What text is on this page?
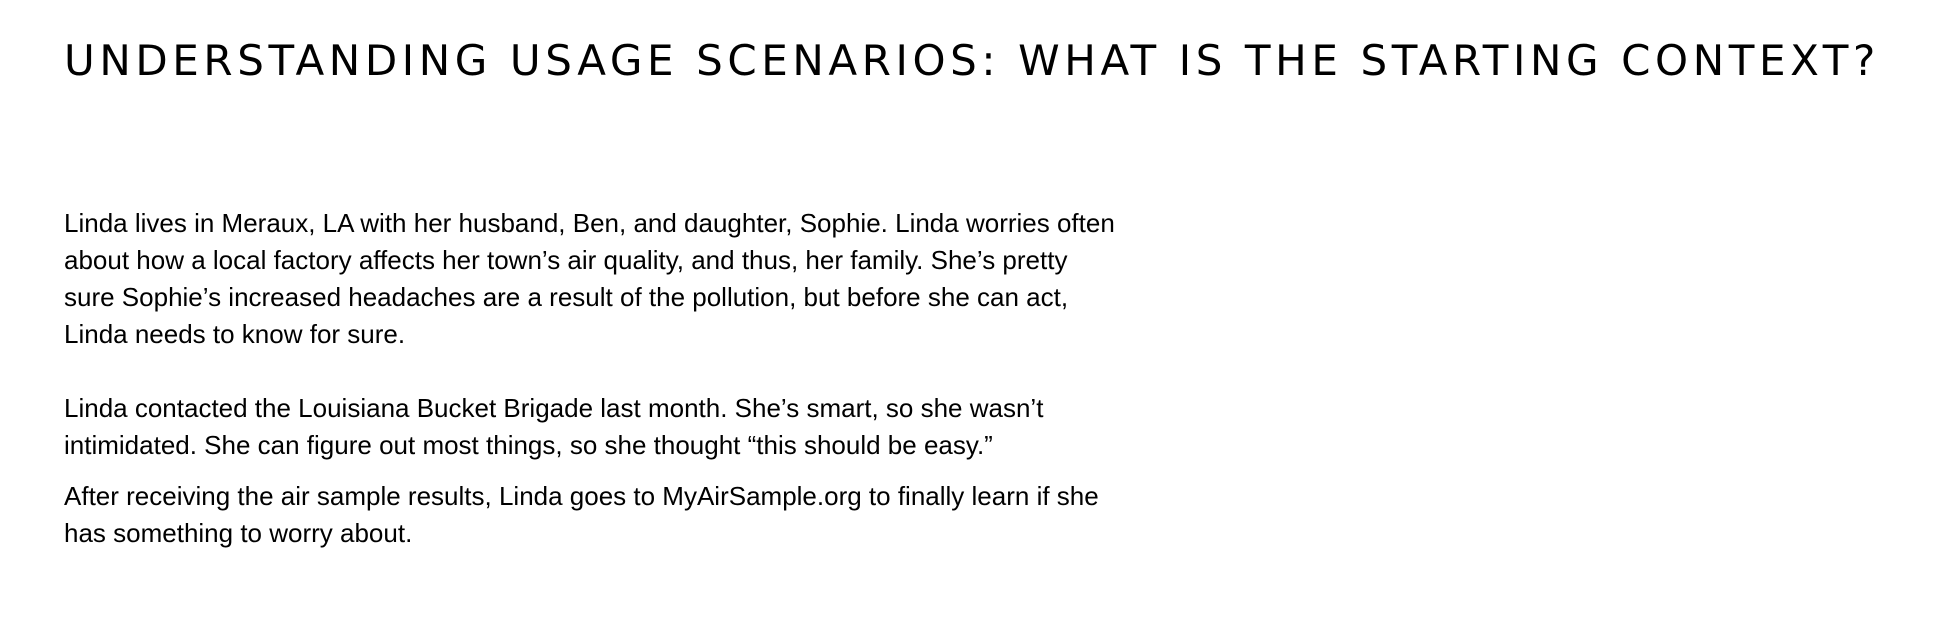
UNDERSTANDING USAGE SCENARIOS: WHAT IS THE STARTING CONTEXT?

Linda lives in Meraux, LA with her husband, Ben, and daughter, Sophie. Linda worries often
about how a local factory affects her town’s air quality, and thus, her family. She’s pretty
sure Sophie’s increased headaches are a result of the pollution, but before she can act,
Linda needs to know for sure.

Linda contacted the Louisiana Bucket Brigade last month. She’s smart, so she wasn’t
intimidated. She can figure out most things, so she thought “this should be easy.”

After receiving the air sample results, Linda goes to MyAirSample.org to finally learn if she
has something to worry about.
